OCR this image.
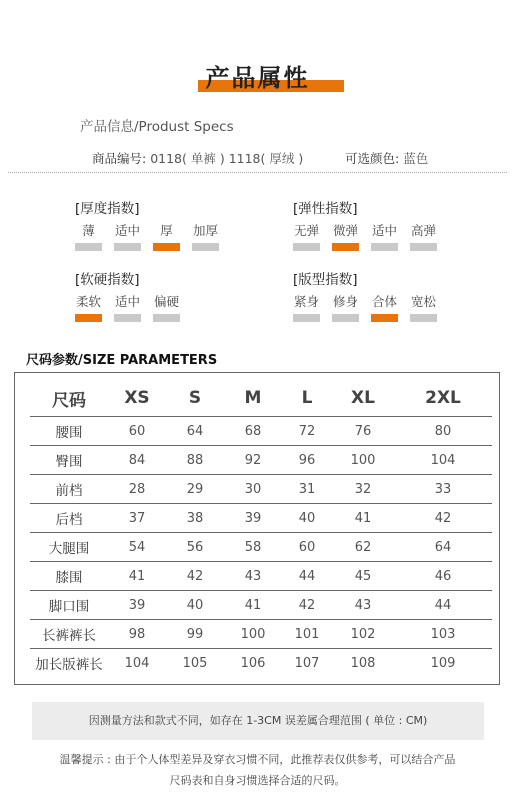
产品属性
产品信息/Produst Specs
商品编号: 0118( 单裤 ) 1118( 厚绒 )	可选颜色: 蓝色
[厚度指数]
薄	适中	厚	加厚
[弹性指数]
无弹	微弹	适中	高弹
[软硬指数]
柔软	适中	偏硬
[版型指数]
紧身	修身	合体	宽松
尺码参数/SIZE PARAMETERS
尺码	XS	S	M	L	XL	2XL
腰围	60	64	68	72	76	80
臀围	84	88	92	96	100	104
前档	28	29	30	31	32	33
后档	37	38	39	40	41	42
大腿围	54	56	58	60	62	64
膝围	41	42	43	44	45	46
脚口围	39	40	41	42	43	44
长裤裤长	98	99	100	101	102	103
加长版裤长	104	105	106	107	108	109
因测量方法和款式不同，如存在 1-3CM 误差属合理范围 ( 单位 : CM)
温馨提示 : 由于个人体型差异及穿衣习惯不同，此推荐表仅供参考，可以结合产品
尺码表和自身习惯选择合适的尺码。
